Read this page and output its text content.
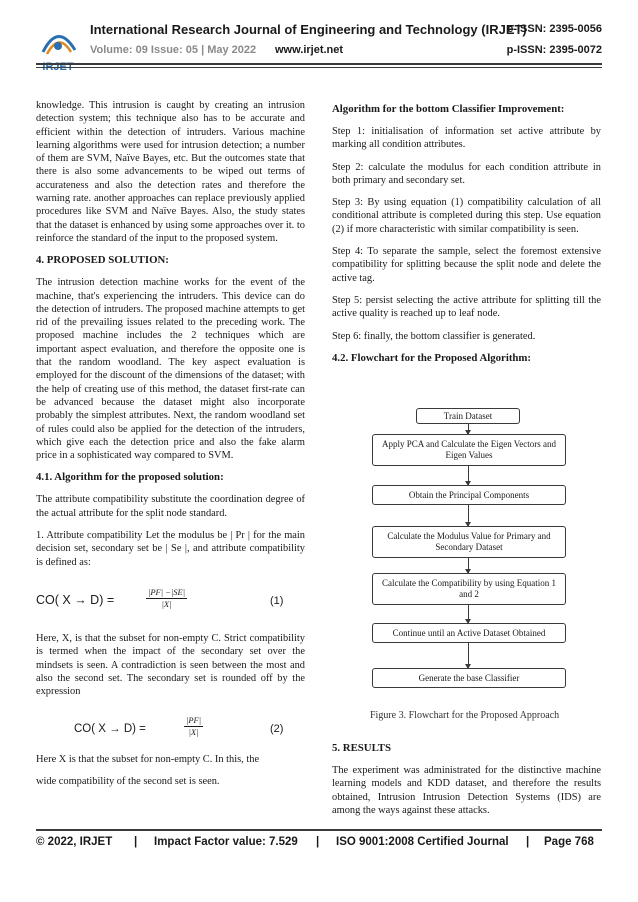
IRJET
International Research Journal of Engineering and Technology (IRJET)
e-ISSN: 2395-0056
Volume: 09 Issue: 05 | May 2022 www.irjet.net	p-ISSN: 2395-0072

knowledge. This intrusion is caught by creating an intrusion detection system; this technique also has to be accurate and efficient within the detection of intruders. Various machine learning algorithms were used for intrusion detection; a number of them are SVM, Naïve Bayes, etc. But the outcomes state that there is also some advancements to be wiped out terms of accurateness and also the detection rates and therefore the warning rate. another approaches can replace previously applied procedures like SVM and Naïve Bayes. Also, the study states that the dataset is enhanced by using some approaches over it. to reinforce the standard of the input to the proposed system.

4. PROPOSED SOLUTION:

The intrusion detection machine works for the event of the machine, that's experiencing the intruders. This device can do the detection of intruders. The proposed machine attempts to get rid of the prevailing issues related to the preceding work. The proposed machine includes the 2 techniques which are important aspect evaluation, and therefore the opposite one is that the random woodland. The key aspect evaluation is employed for the discount of the dimensions of the dataset; with the help of creating use of this method, the dataset first-rate can be advanced because the dataset might also incorporate probably the simplest attributes. Next, the random woodland set of rules could also be applied for the detection of the intruders, which give each the detection price and also the fake alarm price in a sophisticated way compared to SVM.

4.1. Algorithm for the proposed solution:

The attribute compatibility substitute the coordination degree of the actual attribute for the split node standard.

1. Attribute compatibility Let the modulus be | Pr | for the main decision set, secondary set be | Se |, and attribute compatibility is defined as:

CO( X → D) =	$\frac{|PF| -|SE|}{|X|}$	(1)

Here, X, is that the subset for non-empty C. Strict compatibility is termed when the impact of the secondary set over the mindsets is seen. A contradiction is seen between the most and also the second set. The secondary set is rounded off by the expression

CO( X → D) =	$\frac{|PF|}{|X|}$	(2)

Here X is that the subset for non-empty C. In this, the

wide compatibility of the second set is seen.

Algorithm for the bottom Classifier Improvement:

Step 1: initialisation of information set active attribute by marking all condition attributes.

Step 2: calculate the modulus for each condition attribute in both primary and secondary set.

Step 3: By using equation (1) compatibility calculation of all conditional attribute is completed during this step. Use equation (2) if more characteristic with similar compatibility is seen.

Step 4: To separate the sample, select the foremost extensive compatibility for splitting because the split node and delete the active tag.

Step 5: persist selecting the active attribute for splitting till the active quality is reached up to leaf node.

Step 6: finally, the bottom classifier is generated.

4.2. Flowchart for the Proposed Algorithm:
Train Dataset
Apply PCA and Calculate the Eigen Vectors and Eigen Values
Obtain the Principal Components
Calculate the Modulus Value for Primary and Secondary Dataset
Calculate the Compatibility by using Equation 1 and 2
Continue until an Active Dataset Obtained
Generate the base Classifier
Figure 3. Flowchart for the Proposed Approach
5. RESULTS

The experiment was administrated for the distinctive machine learning models and KDD dataset, and therefore the results obtained, Intrusion Intrusion Detection Systems (IDS) are among the ways against these attacks.

© 2022, IRJET | Impact Factor value: 7.529 | ISO 9001:2008 Certified Journal | Page 768
